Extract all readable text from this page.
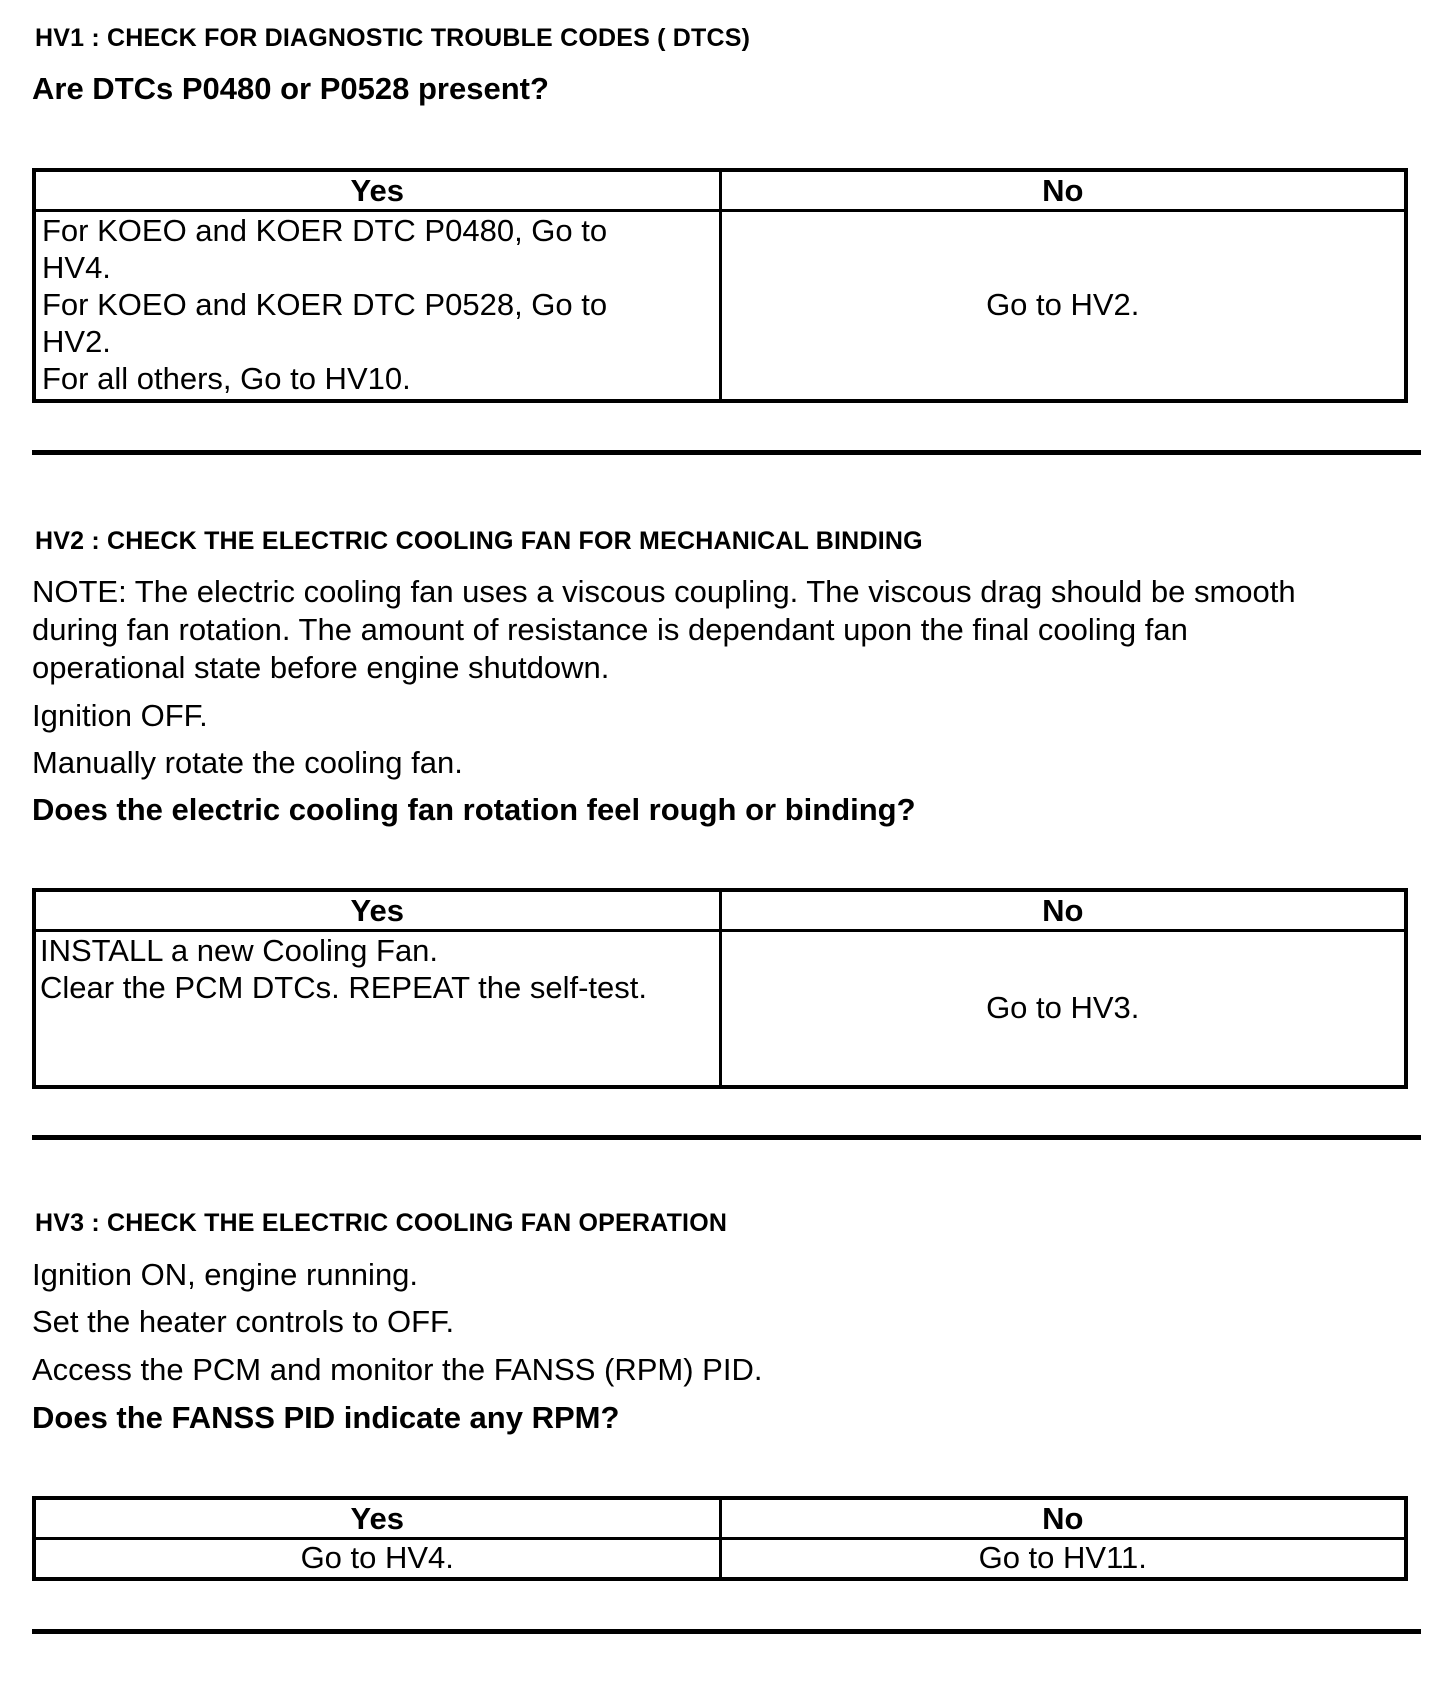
HV1 : CHECK FOR DIAGNOSTIC TROUBLE CODES ( DTCS)
Are DTCs P0480 or P0528 present?
Yes	No

For KOEO and KOER DTC P0480, Go to
HV4.
For KOEO and KOER DTC P0528, Go to
HV2.
For all others, Go to HV10.	Go to HV2.
HV2 : CHECK THE ELECTRIC COOLING FAN FOR MECHANICAL BINDING
NOTE: The electric cooling fan uses a viscous coupling. The viscous drag should be smooth
during fan rotation. The amount of resistance is dependant upon the final cooling fan
operational state before engine shutdown.
Ignition OFF.
Manually rotate the cooling fan.
Does the electric cooling fan rotation feel rough or binding?
Yes	No

INSTALL a new Cooling Fan.
Clear the PCM DTCs. REPEAT the self-test.	Go to HV3.
HV3 : CHECK THE ELECTRIC COOLING FAN OPERATION
Ignition ON, engine running.
Set the heater controls to OFF.
Access the PCM and monitor the FANSS (RPM) PID.
Does the FANSS PID indicate any RPM?
Yes	No
Go to HV4.	Go to HV11.
